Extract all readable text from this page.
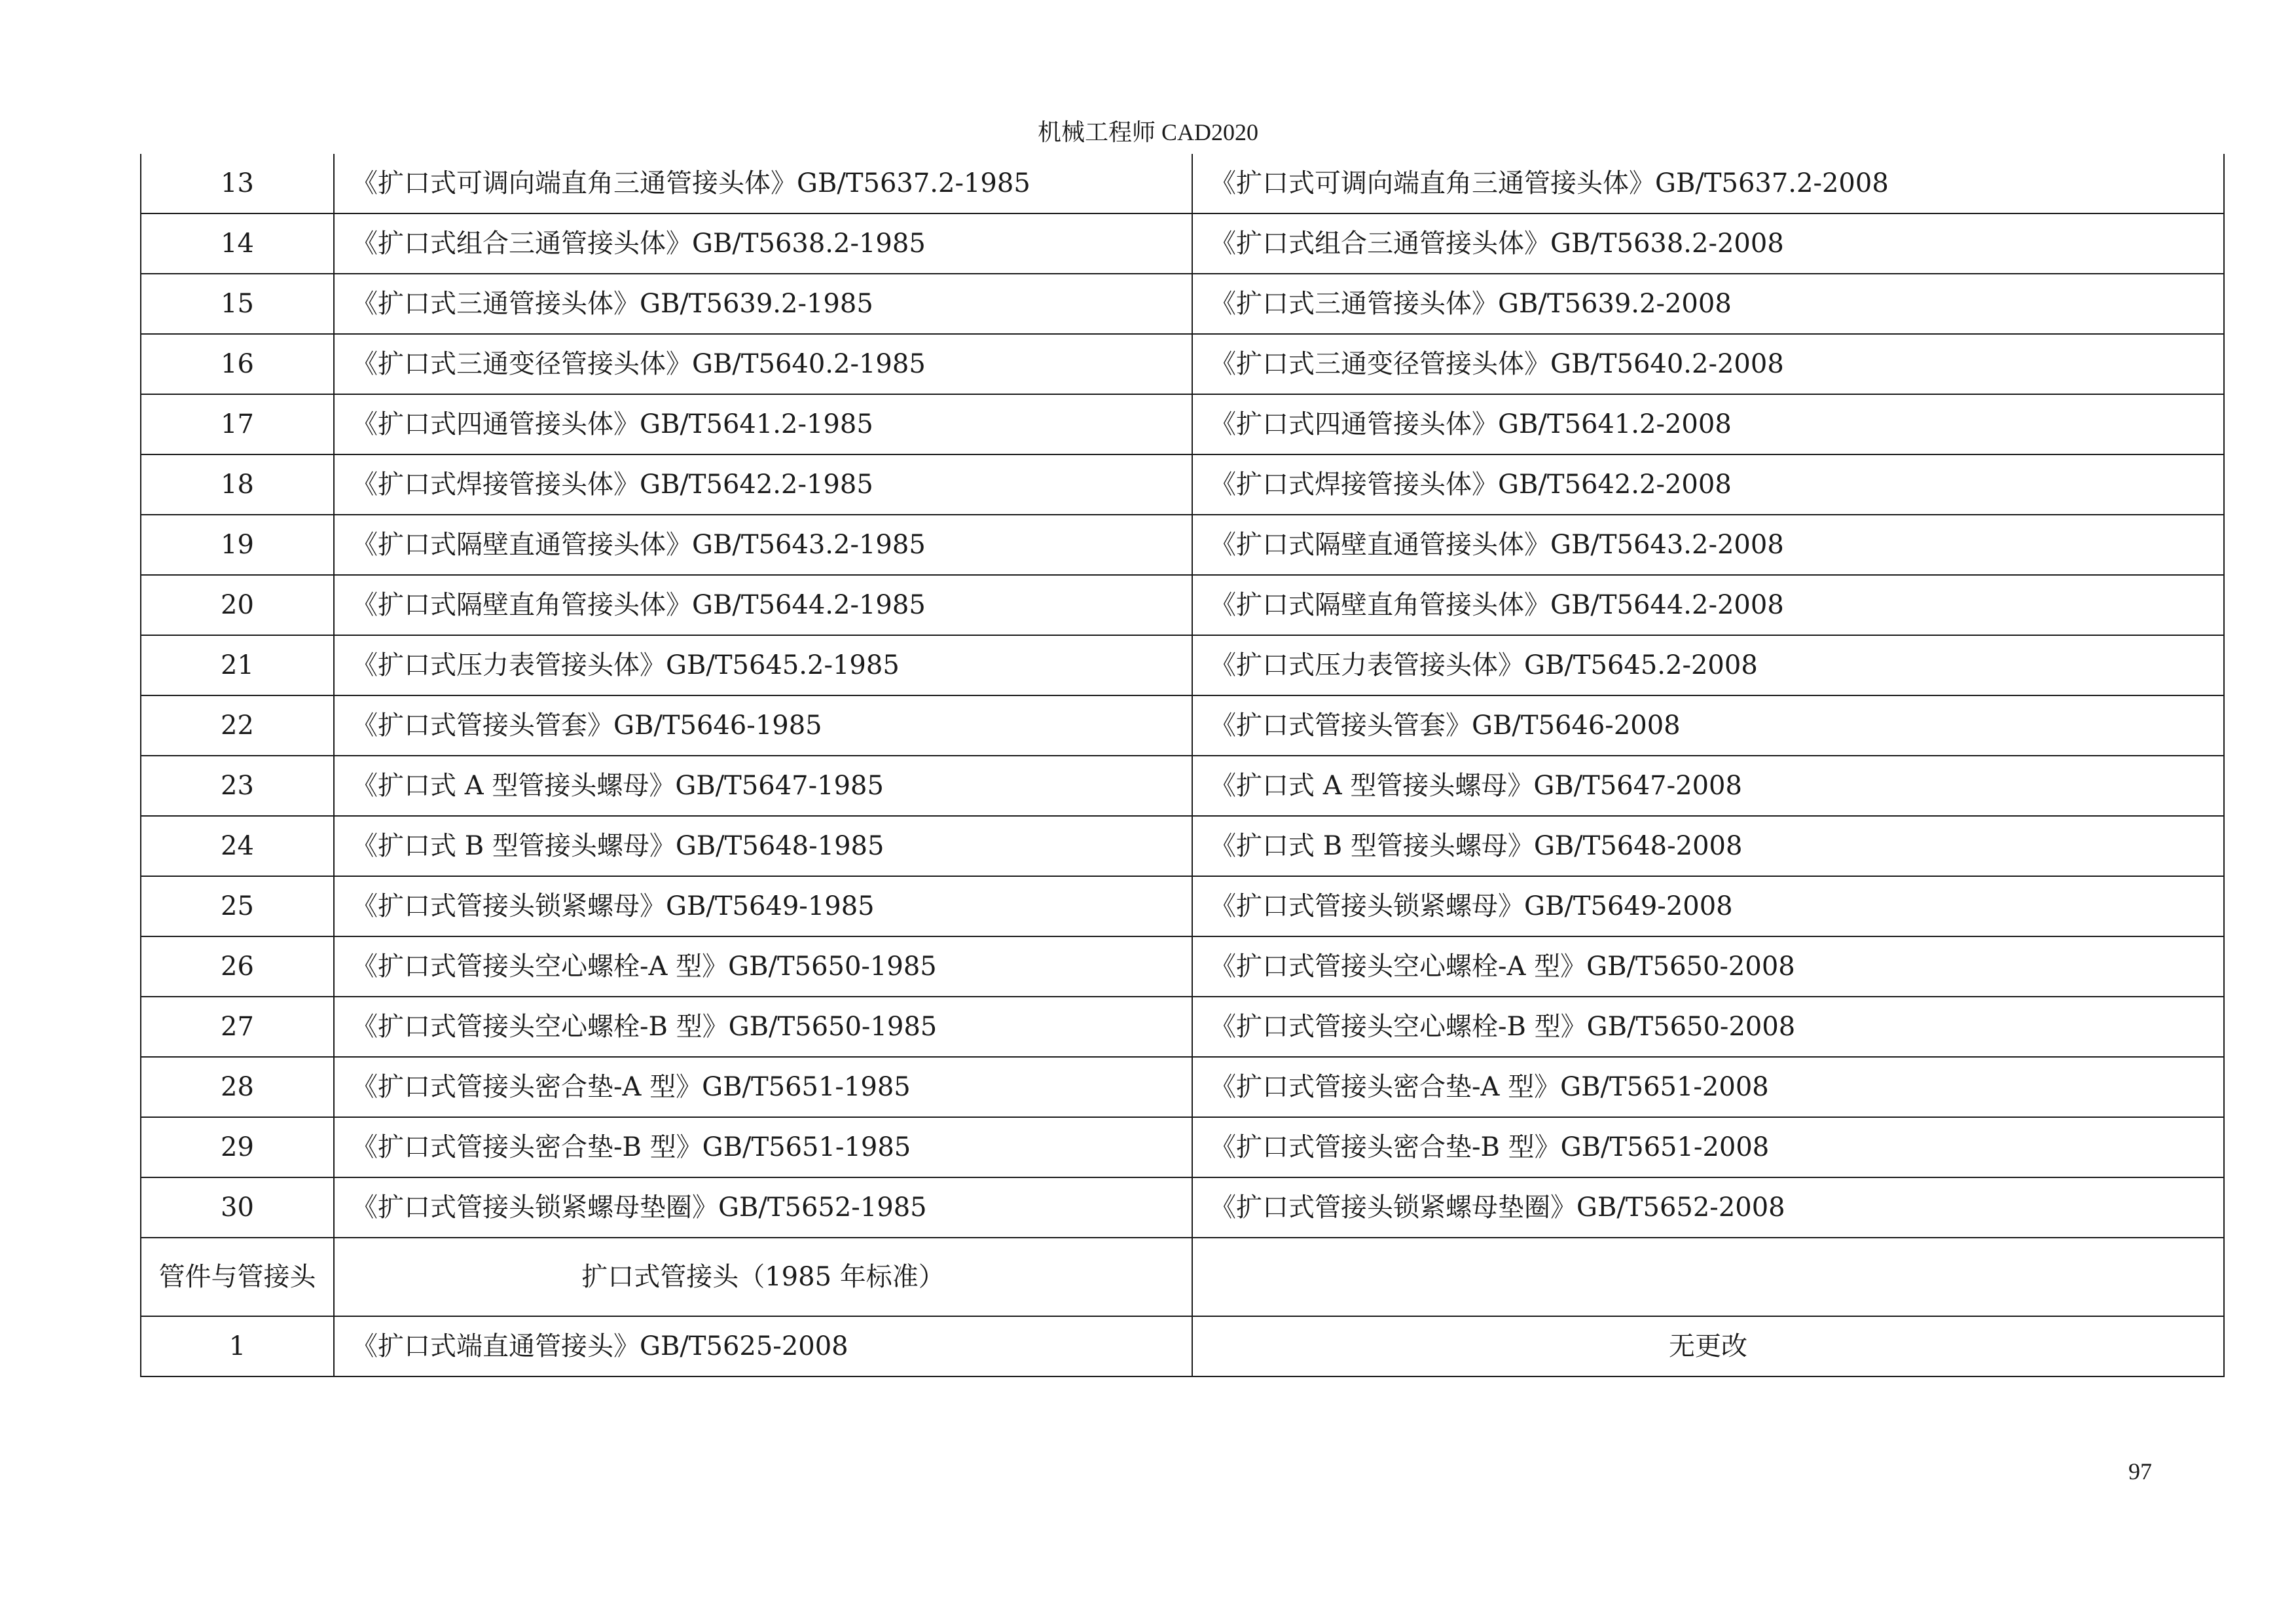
机械工程师 CAD2020
13	《扩口式可调向端直角三通管接头体》GB/T5637.2-1985	《扩口式可调向端直角三通管接头体》GB/T5637.2-2008
14	《扩口式组合三通管接头体》GB/T5638.2-1985	《扩口式组合三通管接头体》GB/T5638.2-2008
15	《扩口式三通管接头体》GB/T5639.2-1985	《扩口式三通管接头体》GB/T5639.2-2008
16	《扩口式三通变径管接头体》GB/T5640.2-1985	《扩口式三通变径管接头体》GB/T5640.2-2008
17	《扩口式四通管接头体》GB/T5641.2-1985	《扩口式四通管接头体》GB/T5641.2-2008
18	《扩口式焊接管接头体》GB/T5642.2-1985	《扩口式焊接管接头体》GB/T5642.2-2008
19	《扩口式隔壁直通管接头体》GB/T5643.2-1985	《扩口式隔壁直通管接头体》GB/T5643.2-2008
20	《扩口式隔壁直角管接头体》GB/T5644.2-1985	《扩口式隔壁直角管接头体》GB/T5644.2-2008
21	《扩口式压力表管接头体》GB/T5645.2-1985	《扩口式压力表管接头体》GB/T5645.2-2008
22	《扩口式管接头管套》GB/T5646-1985	《扩口式管接头管套》GB/T5646-2008
23	《扩口式 A 型管接头螺母》GB/T5647-1985	《扩口式 A 型管接头螺母》GB/T5647-2008
24	《扩口式 B 型管接头螺母》GB/T5648-1985	《扩口式 B 型管接头螺母》GB/T5648-2008
25	《扩口式管接头锁紧螺母》GB/T5649-1985	《扩口式管接头锁紧螺母》GB/T5649-2008
26	《扩口式管接头空心螺栓-A 型》GB/T5650-1985	《扩口式管接头空心螺栓-A 型》GB/T5650-2008
27	《扩口式管接头空心螺栓-B 型》GB/T5650-1985	《扩口式管接头空心螺栓-B 型》GB/T5650-2008
28	《扩口式管接头密合垫-A 型》GB/T5651-1985	《扩口式管接头密合垫-A 型》GB/T5651-2008
29	《扩口式管接头密合垫-B 型》GB/T5651-1985	《扩口式管接头密合垫-B 型》GB/T5651-2008
30	《扩口式管接头锁紧螺母垫圈》GB/T5652-1985	《扩口式管接头锁紧螺母垫圈》GB/T5652-2008
管件与管接头	扩口式管接头（1985 年标准）	
1	《扩口式端直通管接头》GB/T5625-2008	无更改
97
